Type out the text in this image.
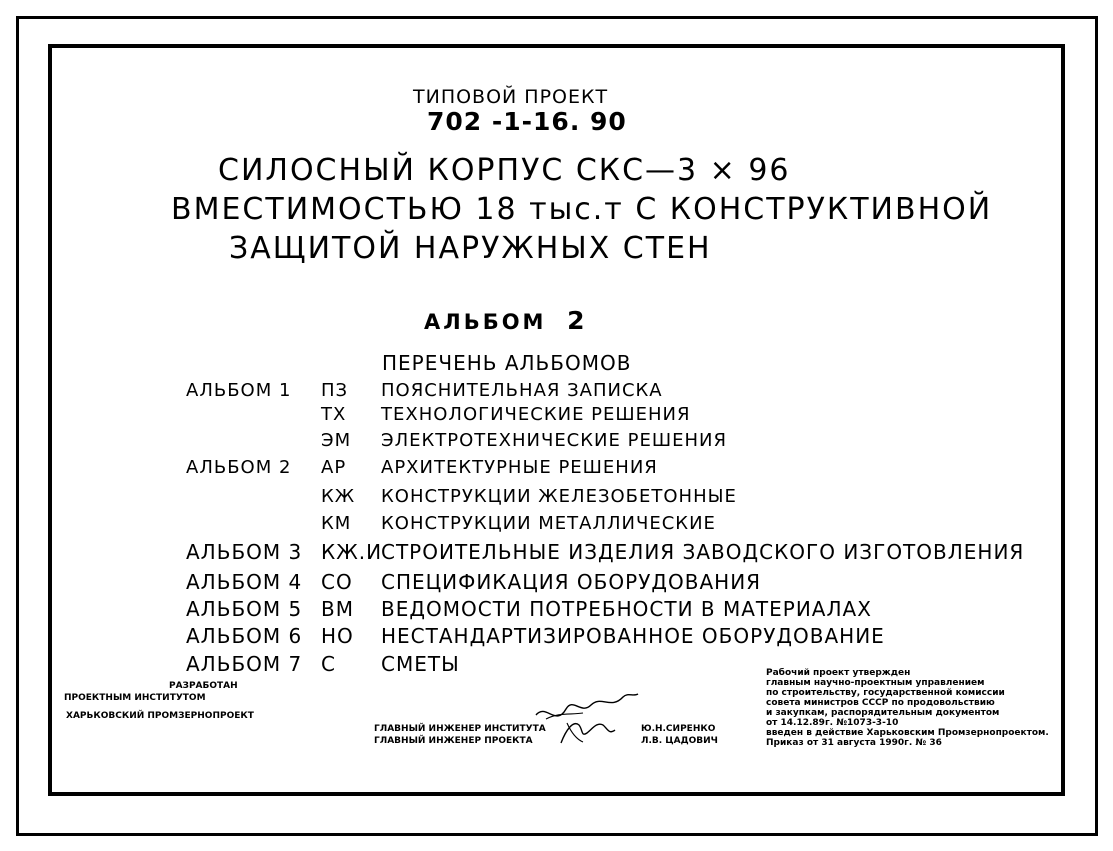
ТИПОВОЙ ПРОЕКТ
702 -1-16. 90
СИЛОСНЫЙ КОРПУС СКС—3 × 96
ВМЕСТИМОСТЬЮ 18 тыс.т С КОНСТРУКТИВНОЙ
ЗАЩИТОЙ НАРУЖНЫХ СТЕН
АЛЬБОМ 2
ПЕРЕЧЕНЬ АЛЬБОМОВ
АЛЬБОМ 1 ПЗ ПОЯСНИТЕЛЬНАЯ ЗАПИСКА
ТХ ТЕХНОЛОГИЧЕСКИЕ РЕШЕНИЯ
ЭМ ЭЛЕКТРОТЕХНИЧЕСКИЕ РЕШЕНИЯ
АЛЬБОМ 2 АР АРХИТЕКТУРНЫЕ РЕШЕНИЯ
КЖ КОНСТРУКЦИИ ЖЕЛЕЗОБЕТОННЫЕ
КМ КОНСТРУКЦИИ МЕТАЛЛИЧЕСКИЕ
АЛЬБОМ 3 КЖ.И
СТРОИТЕЛЬНЫЕ ИЗДЕЛИЯ ЗАВОДСКОГО ИЗГОТОВЛЕНИЯ
АЛЬБОМ 4 СО СПЕЦИФИКАЦИЯ ОБОРУДОВАНИЯ
АЛЬБОМ 5 ВМ ВЕДОМОСТИ ПОТРЕБНОСТИ В МАТЕРИАЛАХ
АЛЬБОМ 6 НО НЕСТАНДАРТИЗИРОВАННОЕ ОБОРУДОВАНИЕ
АЛЬБОМ 7 С СМЕТЫ
РАЗРАБОТАН
ПРОЕКТНЫМ ИНСТИТУТОМ
ХАРЬКОВСКИЙ ПРОМЗЕРНОПРОЕКТ
ГЛАВНЫЙ ИНЖЕНЕР ИНСТИТУТА	Ю.Н.СИРЕНКО
ГЛАВНЫЙ ИНЖЕНЕР ПРОЕКТА	Л.В. ЦАДОВИЧ
Рабочий проект утвержден
главным научно-проектным управлением
по строительству, государственной комиссии
совета министров СССР по продовольствию
и закупкам, распорядительным документом
от 14.12.89г. №1073-3-10
введен в действие Харьковским Промзернопроектом.
Приказ от 31 августа 1990г. № 36
